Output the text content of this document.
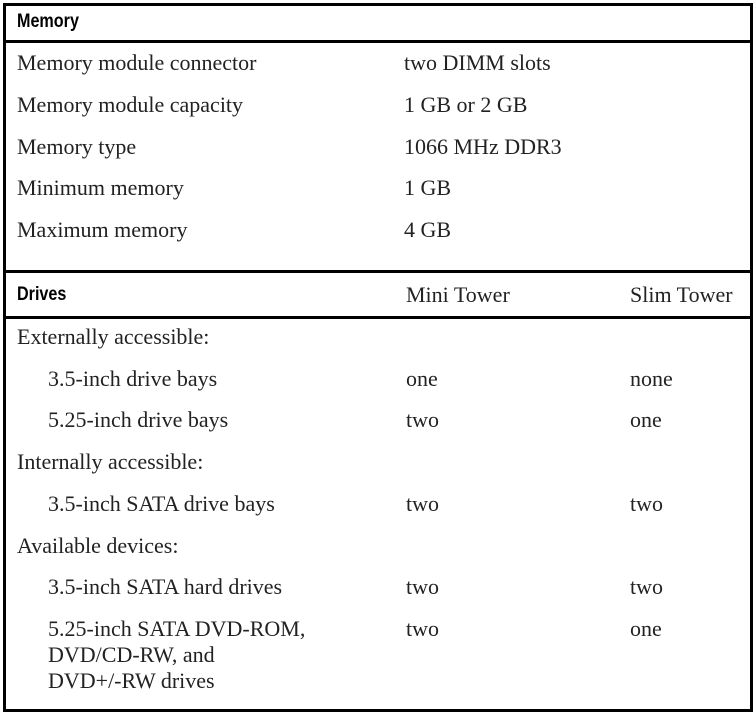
Memory
Memory module connector	two DIMM slots
Memory module capacity	1 GB or 2 GB
Memory type	1066 MHz DDR3
Minimum memory	1 GB
Maximum memory	4 GB
Drives	Mini Tower	Slim Tower
Externally accessible:
3.5-inch drive bays	one	none
5.25-inch drive bays	two	one
Internally accessible:
3.5-inch SATA drive bays	two	two
Available devices:
3.5-inch SATA hard drives	two	two
5.25-inch SATA DVD-ROM,
DVD/CD-RW, and
DVD+/-RW drives
two	one
